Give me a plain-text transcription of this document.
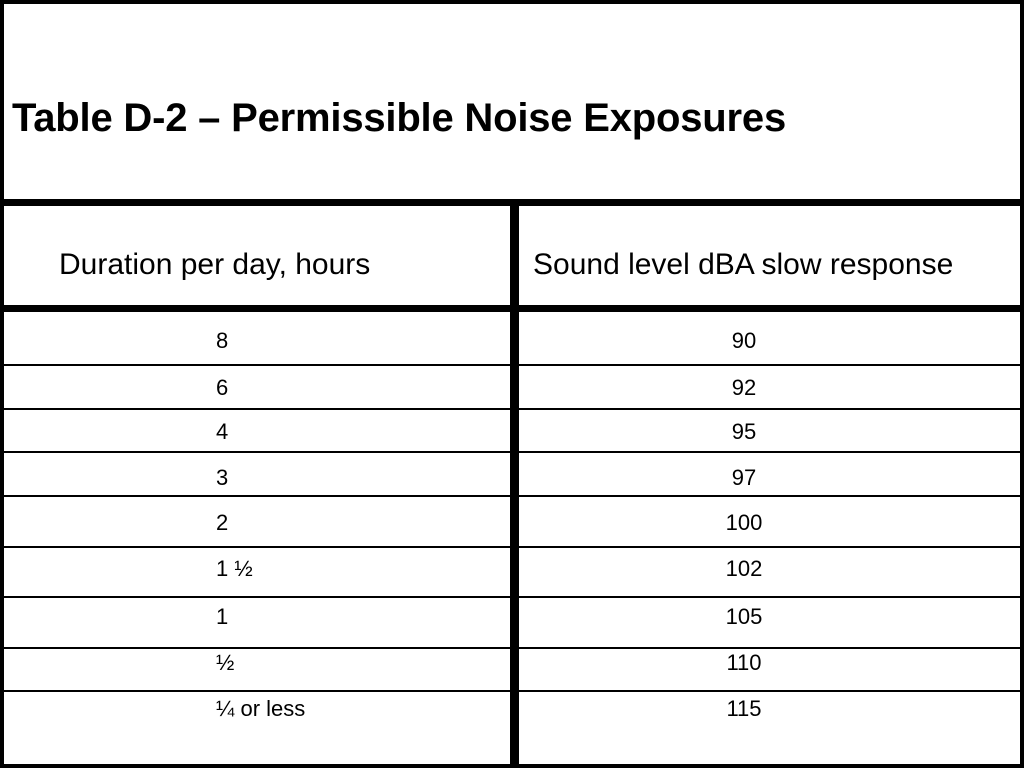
Table D-2 – Permissible Noise Exposures
Duration per day, hours	Sound level dBA slow response
8	90
6	92
4	95
3	97
2	100
1 ½	102
1	105
½	110
¼ or less	115
